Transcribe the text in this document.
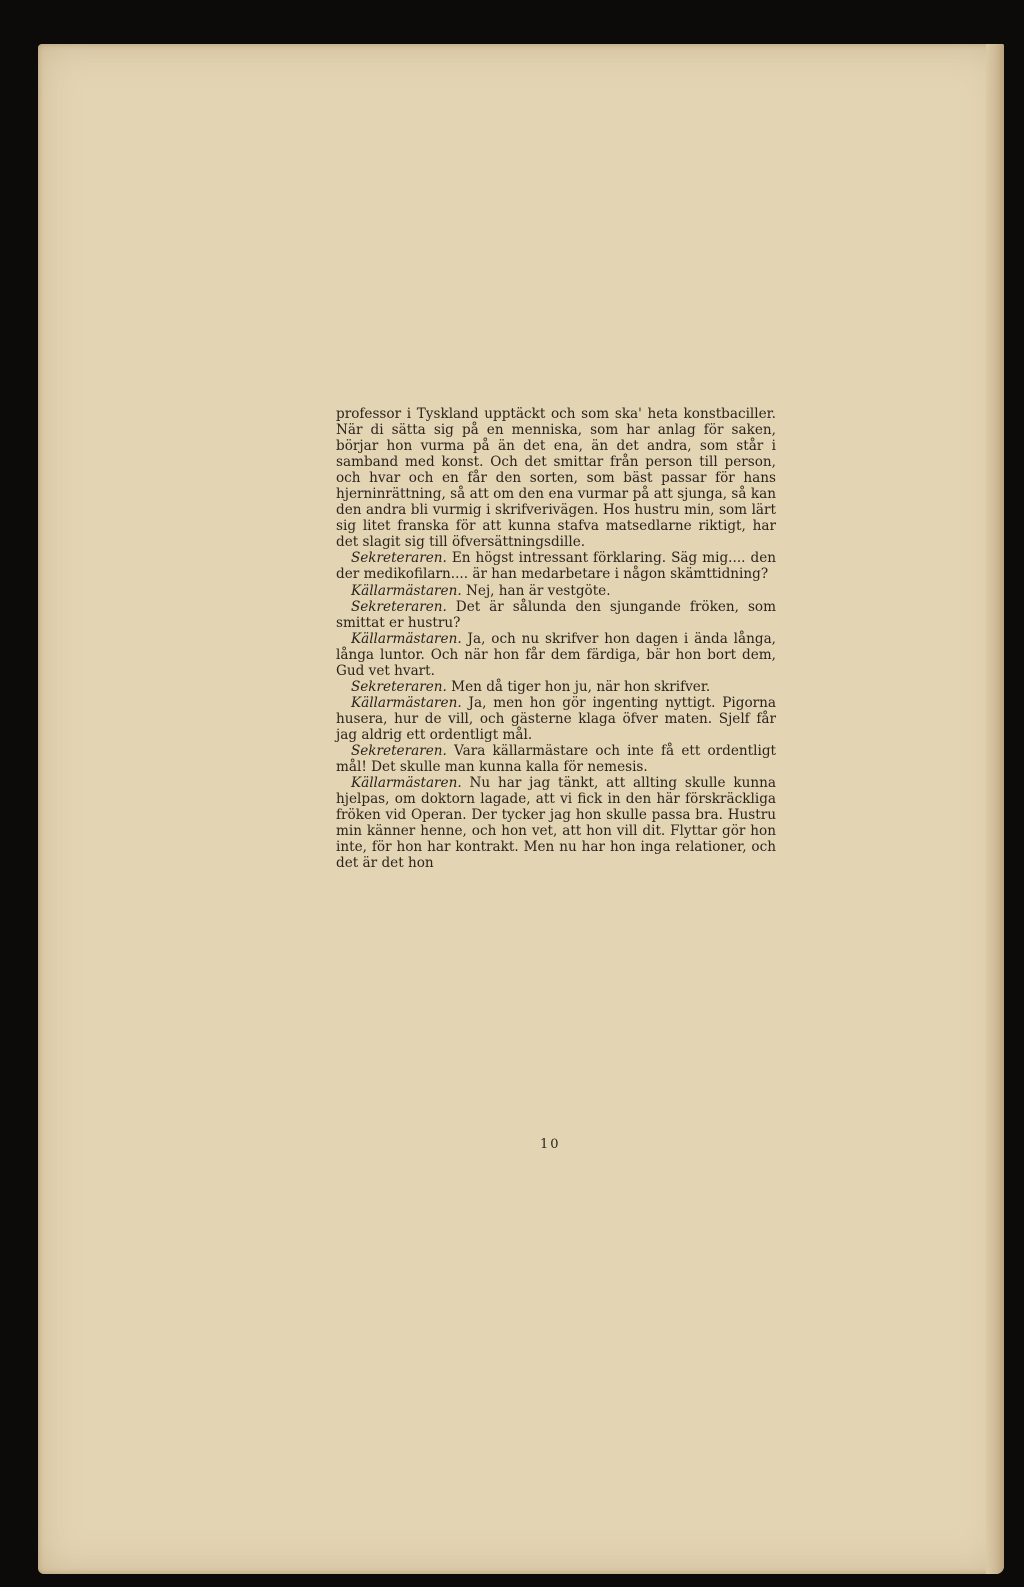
professor i Tyskland upptäckt och som ska' heta konstbaciller. När di sätta sig på en menniska, som har anlag för saken, börjar hon vurma på än det ena, än det andra, som står i samband med konst. Och det smittar från person till person, och hvar och en får den sorten, som bäst passar för hans hjerninrättning, så att om den ena vurmar på att sjunga, så kan den andra bli vurmig i skrifverivägen. Hos hustru min, som lärt sig litet franska för att kunna stafva matsedlarne riktigt, har det slagit sig till öfversättningsdille.

Sekreteraren. En högst intressant förklaring. Säg mig.... den der medikofilarn.... är han medarbetare i någon skämttidning?

Källarmästaren. Nej, han är vestgöte.

Sekreteraren. Det är sålunda den sjungande fröken, som smittat er hustru?

Källarmästaren. Ja, och nu skrifver hon dagen i ända långa, långa luntor. Och när hon får dem färdiga, bär hon bort dem, Gud vet hvart.

Sekreteraren. Men då tiger hon ju, när hon skrifver.

Källarmästaren. Ja, men hon gör ingenting nyttigt. Pigorna husera, hur de vill, och gästerne klaga öfver maten. Sjelf får jag aldrig ett ordentligt mål.

Sekreteraren. Vara källarmästare och inte få ett ordentligt mål! Det skulle man kunna kalla för nemesis.

Källarmästaren. Nu har jag tänkt, att allting skulle kunna hjelpas, om doktorn lagade, att vi fick in den här förskräckliga fröken vid Operan. Der tycker jag hon skulle passa bra. Hustru min känner henne, och hon vet, att hon vill dit. Flyttar gör hon inte, för hon har kontrakt. Men nu har hon inga relationer, och det är det hon

10
